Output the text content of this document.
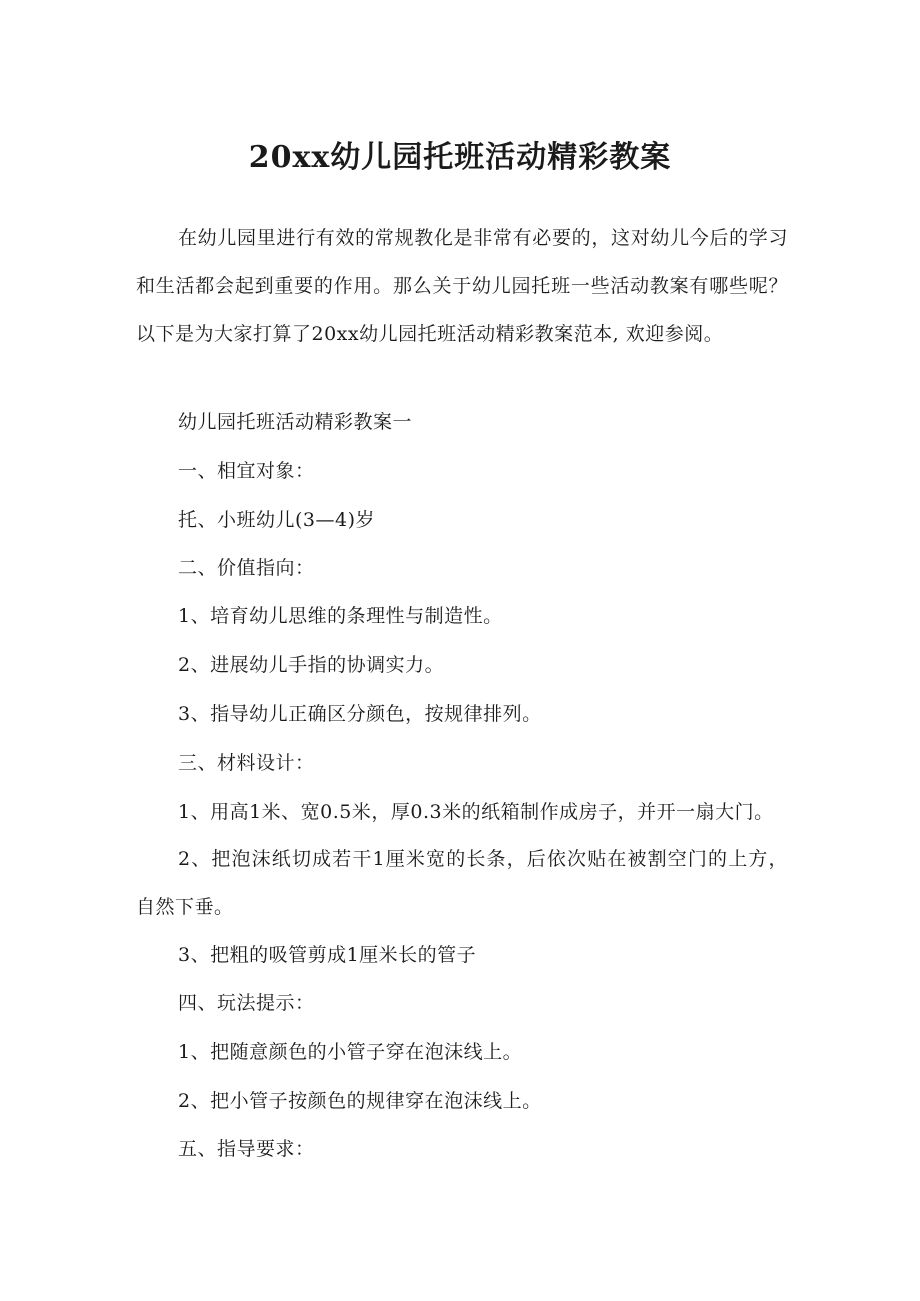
20xx幼儿园托班活动精彩教案

在幼儿园里进行有效的常规教化是非常有必要的，这对幼儿今后的学习和生活都会起到重要的作用。那么关于幼儿园托班一些活动教案有哪些呢？以下是为大家打算了20xx幼儿园托班活动精彩教案范本, 欢迎参阅。

幼儿园托班活动精彩教案一
一、相宜对象：
托、小班幼儿(3—4)岁
二、价值指向：
1、培育幼儿思维的条理性与制造性。
2、进展幼儿手指的协调实力。
3、指导幼儿正确区分颜色，按规律排列。
三、材料设计：
1、用高1米、宽0.5米，厚0.3米的纸箱制作成房子，并开一扇大门。

2、把泡沫纸切成若干1厘米宽的长条，后依次贴在被割空门的上方，自然下垂。

3、把粗的吸管剪成1厘米长的管子
四、玩法提示：
1、把随意颜色的小管子穿在泡沫线上。
2、把小管子按颜色的规律穿在泡沫线上。
五、指导要求：
